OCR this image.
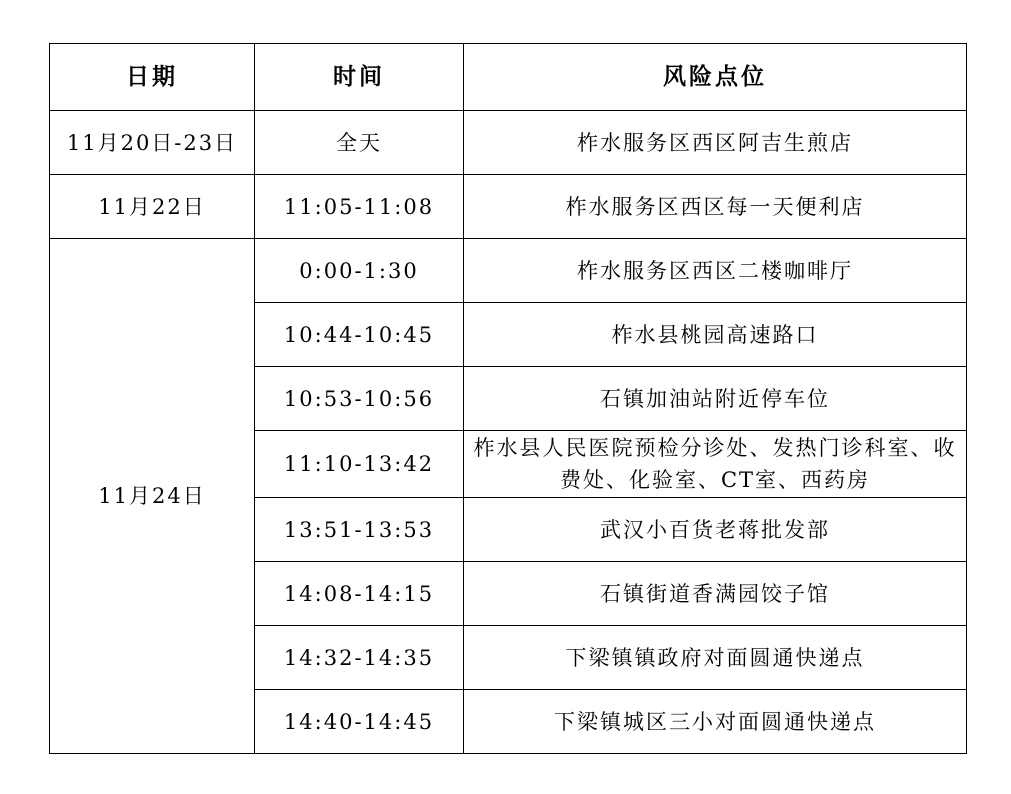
日期	时间	风险点位
11月20日-23日	全天	柞水服务区西区阿吉生煎店
11月22日	11:05-11:08	柞水服务区西区每一天便利店
11月24日	0:00-1:30	柞水服务区西区二楼咖啡厅
	10:44-10:45	柞水县桃园高速路口
	10:53-10:56	石镇加油站附近停车位
	11:10-13:42	柞水县人民医院预检分诊处、发热门诊科室、收费处、化验室、CT室、西药房
	13:51-13:53	武汉小百货老蒋批发部
	14:08-14:15	石镇街道香满园饺子馆
	14:32-14:35	下梁镇镇政府对面圆通快递点
	14:40-14:45	下梁镇城区三小对面圆通快递点
